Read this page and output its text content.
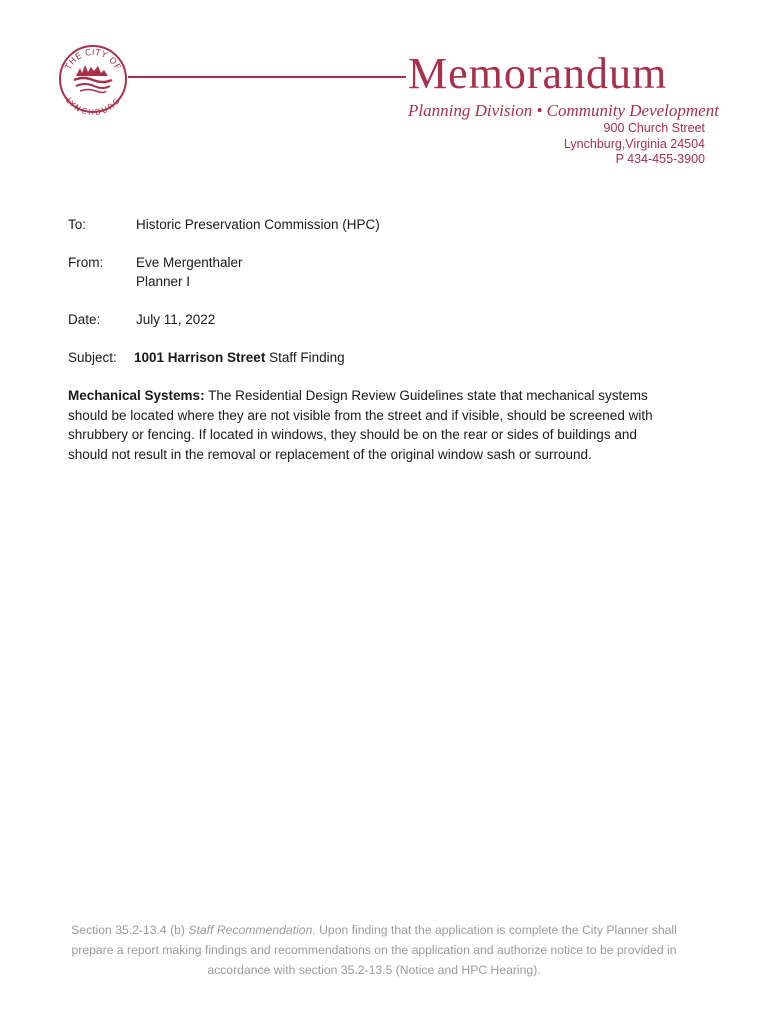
THE CITY OF
LYNCHBURG
Memorandum
Planning Division • Community Development
900 Church Street
Lynchburg,Virginia 24504
P 434-455-3900
To:	Historic Preservation Commission (HPC)
From: Eve Mergenthaler
Planner I
Date:	July 11, 2022
Subject: 1001 Harrison Street Staff Finding

Mechanical Systems: The Residential Design Review Guidelines state that mechanical systems should be located where they are not visible from the street and if visible, should be screened with shrubbery or fencing. If located in windows, they should be on the rear or sides of buildings and should not result in the removal or replacement of the original window sash or surround.

Section 35.2-13.4 (b) Staff Recommendation. Upon finding that the application is complete the City Planner shall prepare a report making findings and recommendations on the application and authorize notice to be provided in accordance with section 35.2-13.5 (Notice and HPC Hearing).
